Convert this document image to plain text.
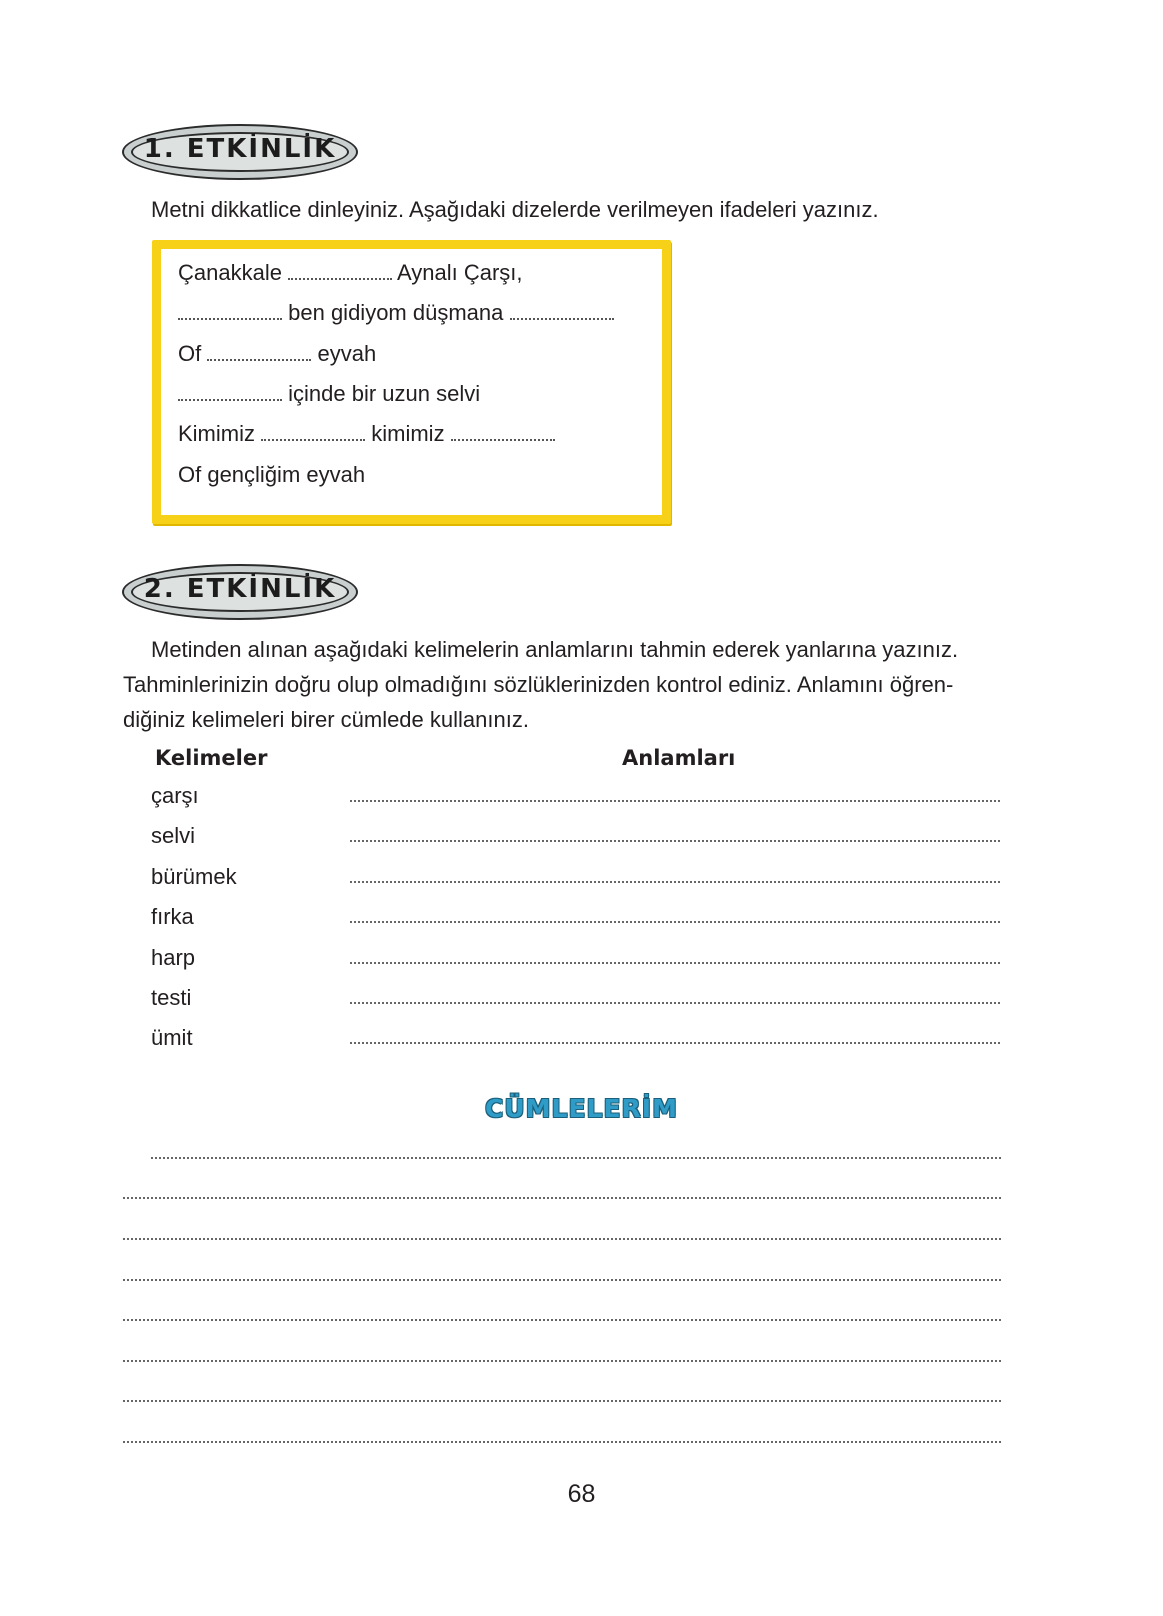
1. ETKİNLİK
Metni dikkatlice dinleyiniz. Aşağıdaki dizelerde verilmeyen ifadeleri yazınız.
Çanakkale	Aynalı Çarşı,
ben gidiyom düşmana
Of	eyvah
içinde bir uzun selvi
Kimimiz	kimimiz
Of gençliğim eyvah
2. ETKİNLİK
Metinden alınan aşağıdaki kelimelerin anlamlarını tahmin ederek yanlarına yazınız.
Tahminlerinizin doğru olup olmadığını sözlüklerinizden kontrol ediniz. Anlamını öğren-
diğiniz kelimeleri birer cümlede kullanınız.
Kelimeler	Anlamları
çarşı
selvi
bürümek
fırka
harp
testi
ümit
CÜMLELERİM
68
